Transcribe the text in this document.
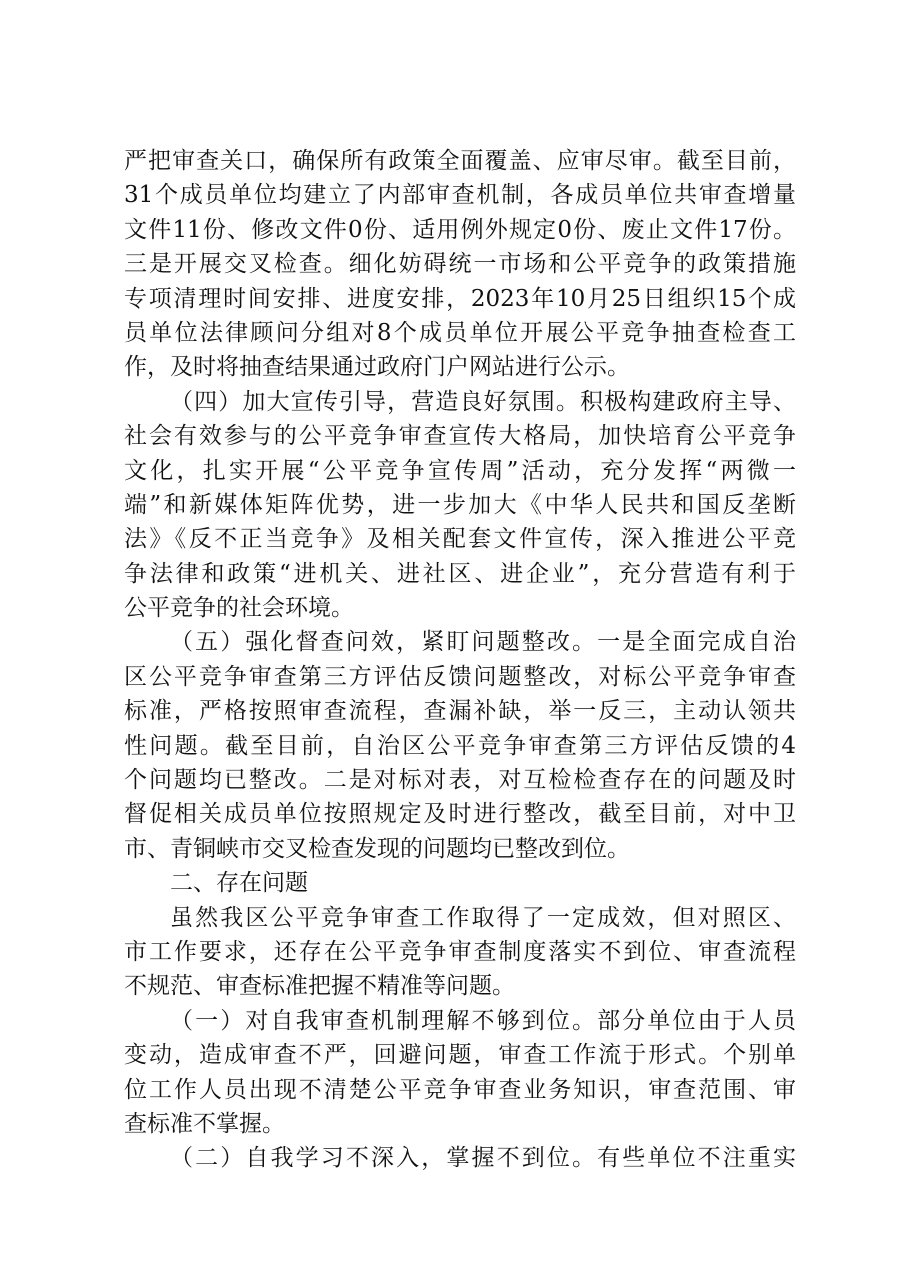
严把审查关口，确保所有政策全面覆盖、应审尽审。截至目前，
31个成员单位均建立了内部审查机制，各成员单位共审查增量
文件11份、修改文件0份、适用例外规定0份、废止文件17份。
三是开展交叉检查。细化妨碍统一市场和公平竞争的政策措施
专项清理时间安排、进度安排，2023年10月25日组织15个成
员单位法律顾问分组对8个成员单位开展公平竞争抽查检查工
作，及时将抽查结果通过政府门户网站进行公示。
（四）加大宣传引导，营造良好氛围。积极构建政府主导、
社会有效参与的公平竞争审查宣传大格局，加快培育公平竞争
文化，扎实开展“公平竞争宣传周”活动，充分发挥“两微一
端”和新媒体矩阵优势，进一步加大《中华人民共和国反垄断
法》《反不正当竞争》及相关配套文件宣传，深入推进公平竞
争法律和政策“进机关、进社区、进企业”，充分营造有利于
公平竞争的社会环境。
（五）强化督查问效，紧盯问题整改。一是全面完成自治
区公平竞争审查第三方评估反馈问题整改，对标公平竞争审查
标准，严格按照审查流程，查漏补缺，举一反三，主动认领共
性问题。截至目前，自治区公平竞争审查第三方评估反馈的4
个问题均已整改。二是对标对表，对互检检查存在的问题及时
督促相关成员单位按照规定及时进行整改，截至目前，对中卫
市、青铜峡市交叉检查发现的问题均已整改到位。
二、存在问题
虽然我区公平竞争审查工作取得了一定成效，但对照区、
市工作要求，还存在公平竞争审查制度落实不到位、审查流程
不规范、审查标准把握不精准等问题。
（一）对自我审查机制理解不够到位。部分单位由于人员
变动，造成审查不严，回避问题，审查工作流于形式。个别单
位工作人员出现不清楚公平竞争审查业务知识，审查范围、审
查标准不掌握。
（二）自我学习不深入，掌握不到位。有些单位不注重实
